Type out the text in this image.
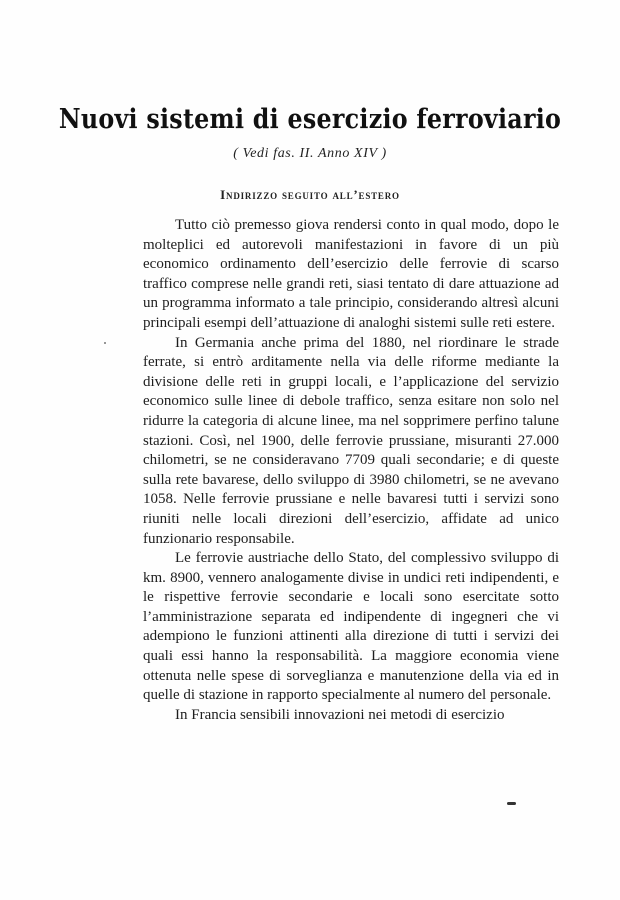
Nuovi sistemi di esercizio ferroviario
( Vedi fas. II. Anno XIV )
Indirizzo seguito all’estero

Tutto ciò premesso giova rendersi conto in qual modo, dopo le molteplici ed autorevoli manifestazioni in favore di un più economico ordinamento dell’esercizio delle ferrovie di scarso traffico comprese nelle grandi reti, siasi tentato di dare attuazione ad un programma informato a tale principio, considerando altresì alcuni principali esempi dell’attuazione di analoghi sistemi sulle reti estere.

In Germania anche prima del 1880, nel riordinare le strade ferrate, si entrò arditamente nella via delle riforme mediante la divisione delle reti in gruppi locali, e l’applicazione del servizio economico sulle linee di debole traffico, senza esitare non solo nel ridurre la categoria di alcune linee, ma nel sopprimere perfino talune stazioni. Così, nel 1900, delle ferrovie prussiane, misuranti 27.000 chilometri, se ne consideravano 7709 quali secondarie; e di queste sulla rete bavarese, dello sviluppo di 3980 chilometri, se ne avevano 1058. Nelle ferrovie prussiane e nelle bavaresi tutti i servizi sono riuniti nelle locali direzioni dell’esercizio, affidate ad unico funzionario responsabile.

Le ferrovie austriache dello Stato, del complessivo sviluppo di km. 8900, vennero analogamente divise in undici reti indipendenti, e le rispettive ferrovie secondarie e locali sono esercitate sotto l’amministrazione separata ed indipendente di ingegneri che vi adempiono le funzioni attinenti alla direzione di tutti i servizi dei quali essi hanno la responsabilità. La maggiore economia viene ottenuta nelle spese di sorveglianza e manutenzione della via ed in quelle di stazione in rapporto specialmente al numero del personale.

In Francia sensibili innovazioni nei metodi di esercizio
